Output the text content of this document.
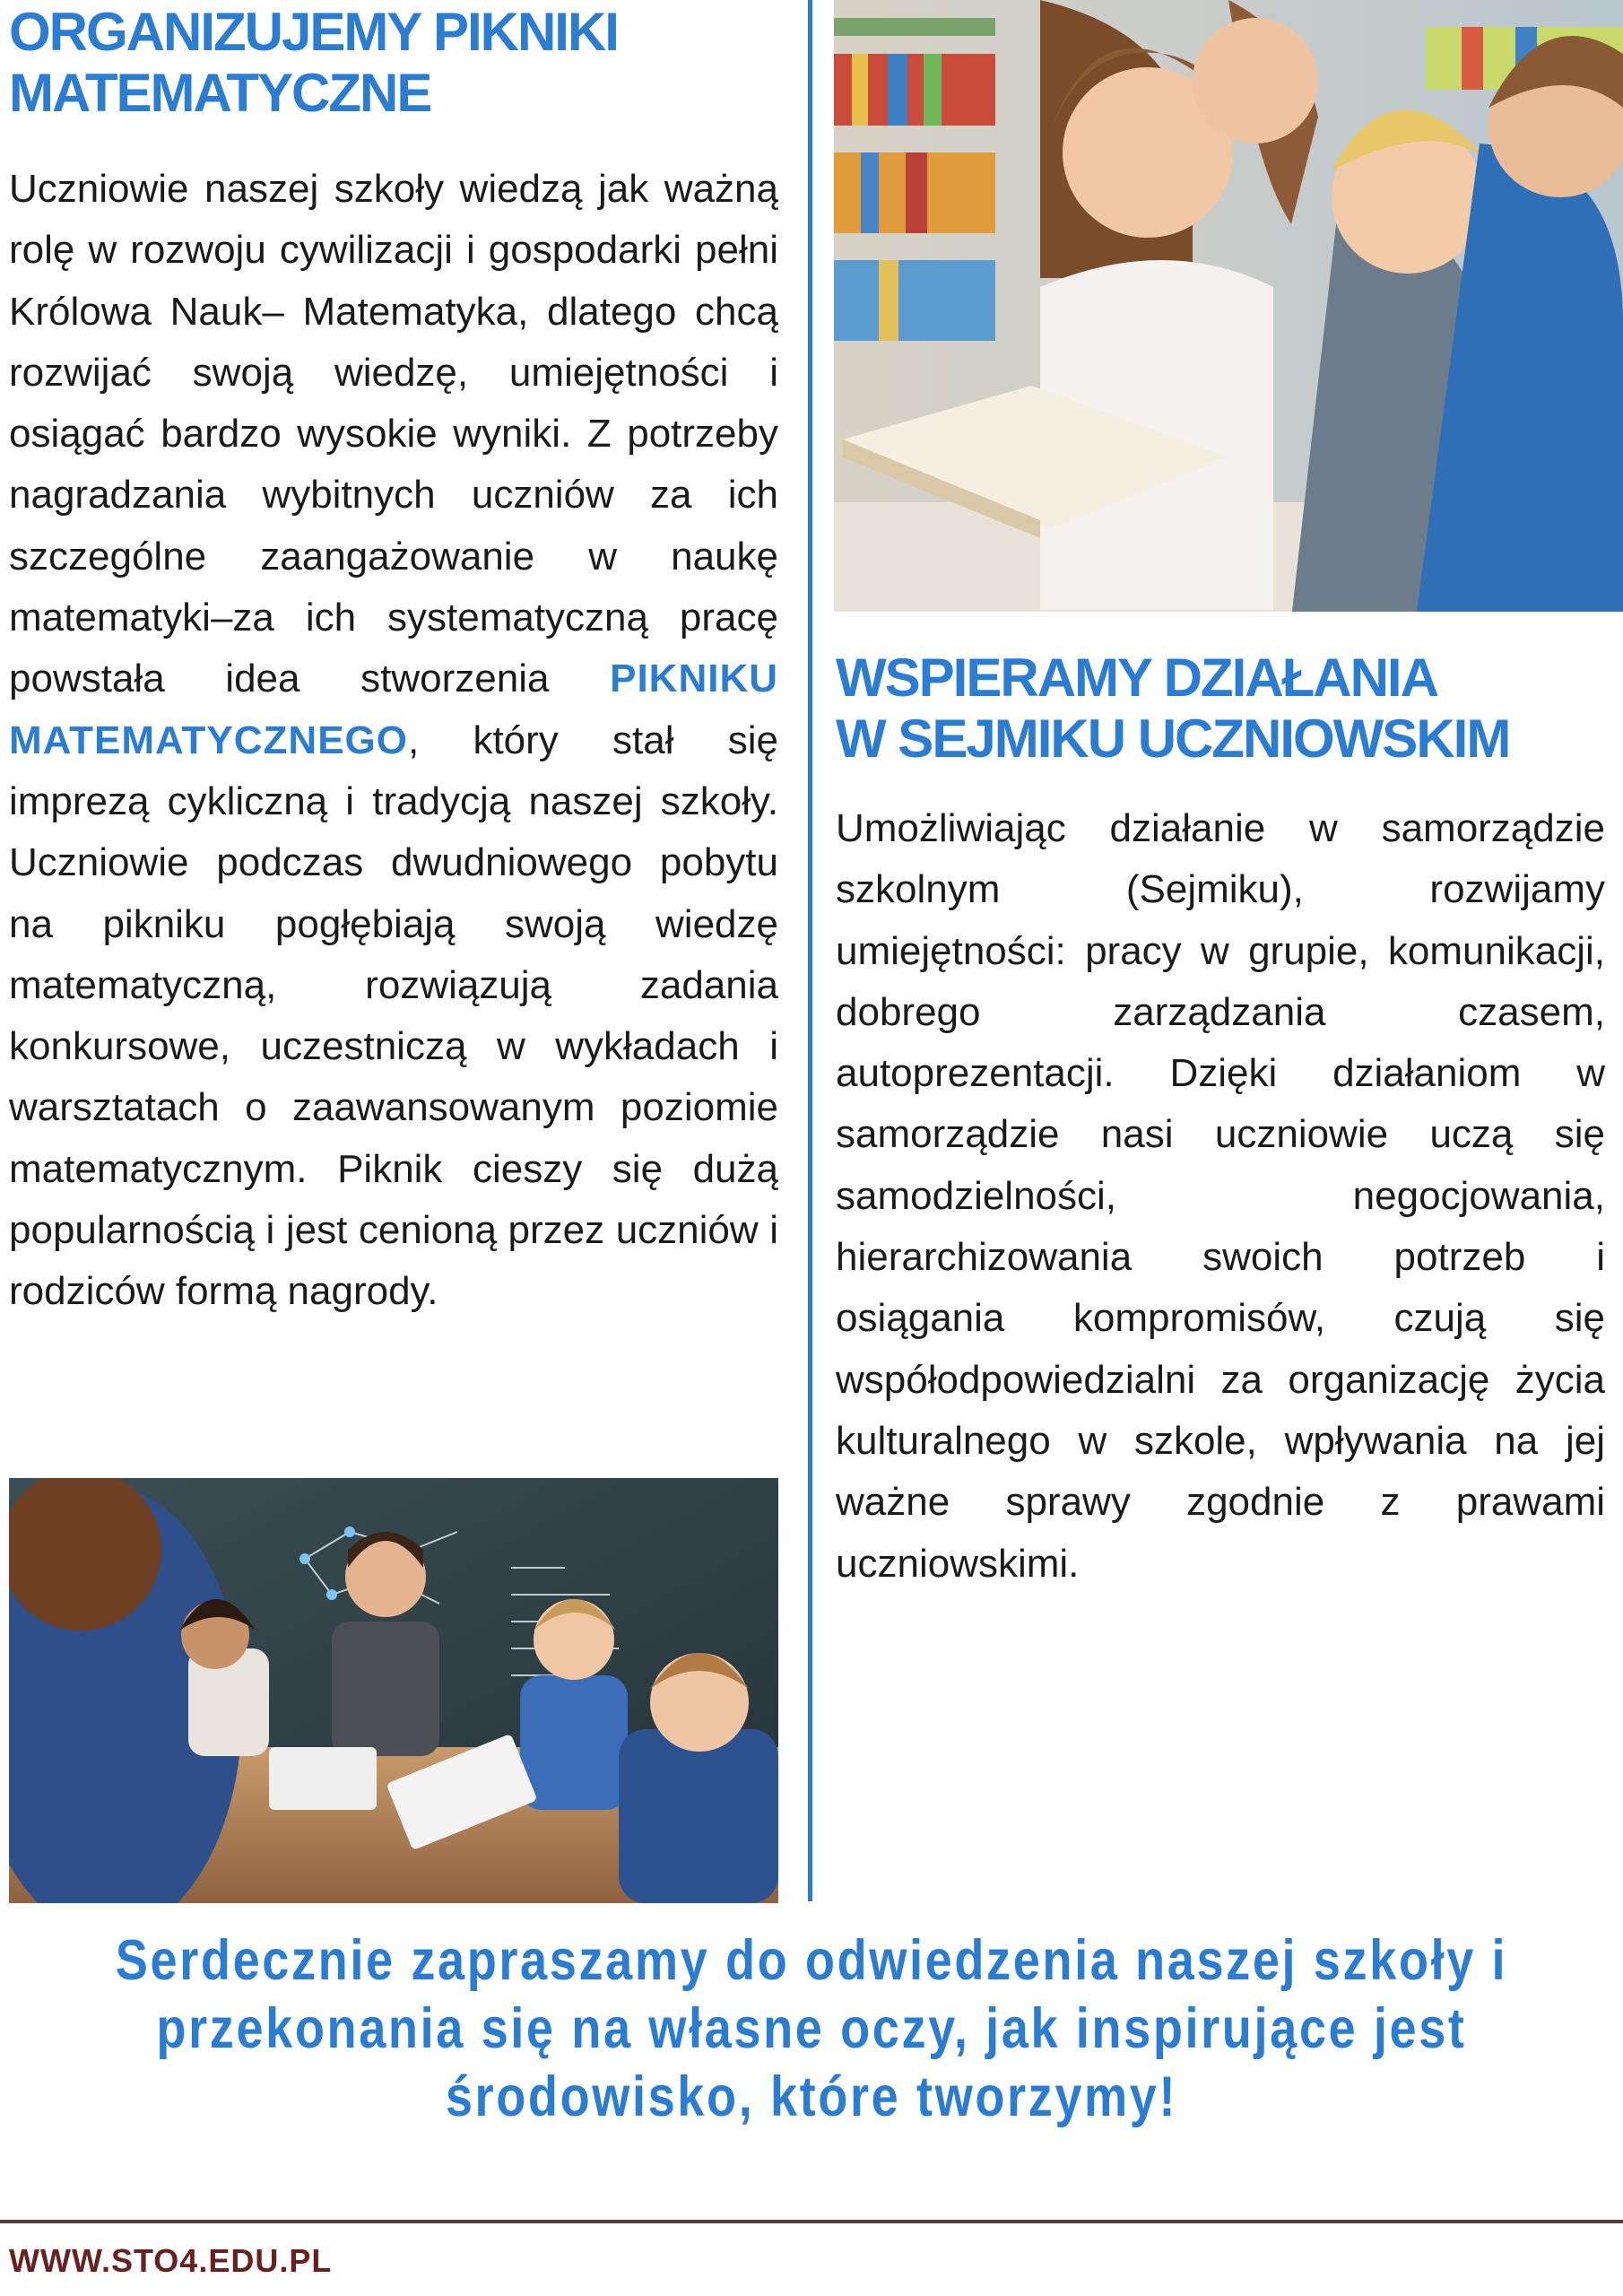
ORGANIZUJEMY PIKNIKI
MATEMATYCZNE

Uczniowie naszej szkoły wiedzą jak ważną rolę w rozwoju cywilizacji i gospodarki pełni Królowa Nauk– Matematyka, dlatego chcą rozwijać swoją wiedzę, umiejętności i osiągać bardzo wysokie wyniki. Z potrzeby nagradzania wybitnych uczniów za ich szczególne zaangażowanie w naukę matematyki–za ich systematyczną pracę powstała idea stworzenia PIKNIKU MATEMATYCZNEGO, który stał się imprezą cykliczną i tradycją naszej szkoły. Uczniowie podczas dwudniowego pobytu na pikniku pogłębiają swoją wiedzę matematyczną, rozwiązują zadania konkursowe, uczestniczą w wykładach i warsztatach o zaawansowanym poziomie matematycznym. Piknik cieszy się dużą popularnością i jest cenioną przez uczniów i rodziców formą nagrody.

WSPIERAMY DZIAŁANIA
W SEJMIKU UCZNIOWSKIM

Umożliwiając działanie w samorządzie szkolnym (Sejmiku), rozwijamy umiejętności: pracy w grupie, komunikacji, dobrego zarządzania czasem, autoprezentacji. Dzięki działaniom w samorządzie nasi uczniowie uczą się samodzielności, negocjowania, hierarchizowania swoich potrzeb i osiągania kompromisów, czują się współodpowiedzialni za organizację życia kulturalnego w szkole, wpływania na jej ważne sprawy zgodnie z prawami uczniowskimi.

Serdecznie zapraszamy do odwiedzenia naszej szkoły i przekonania się na własne oczy, jak inspirujące jest środowisko, które tworzymy!

WWW.STO4.EDU.PL
